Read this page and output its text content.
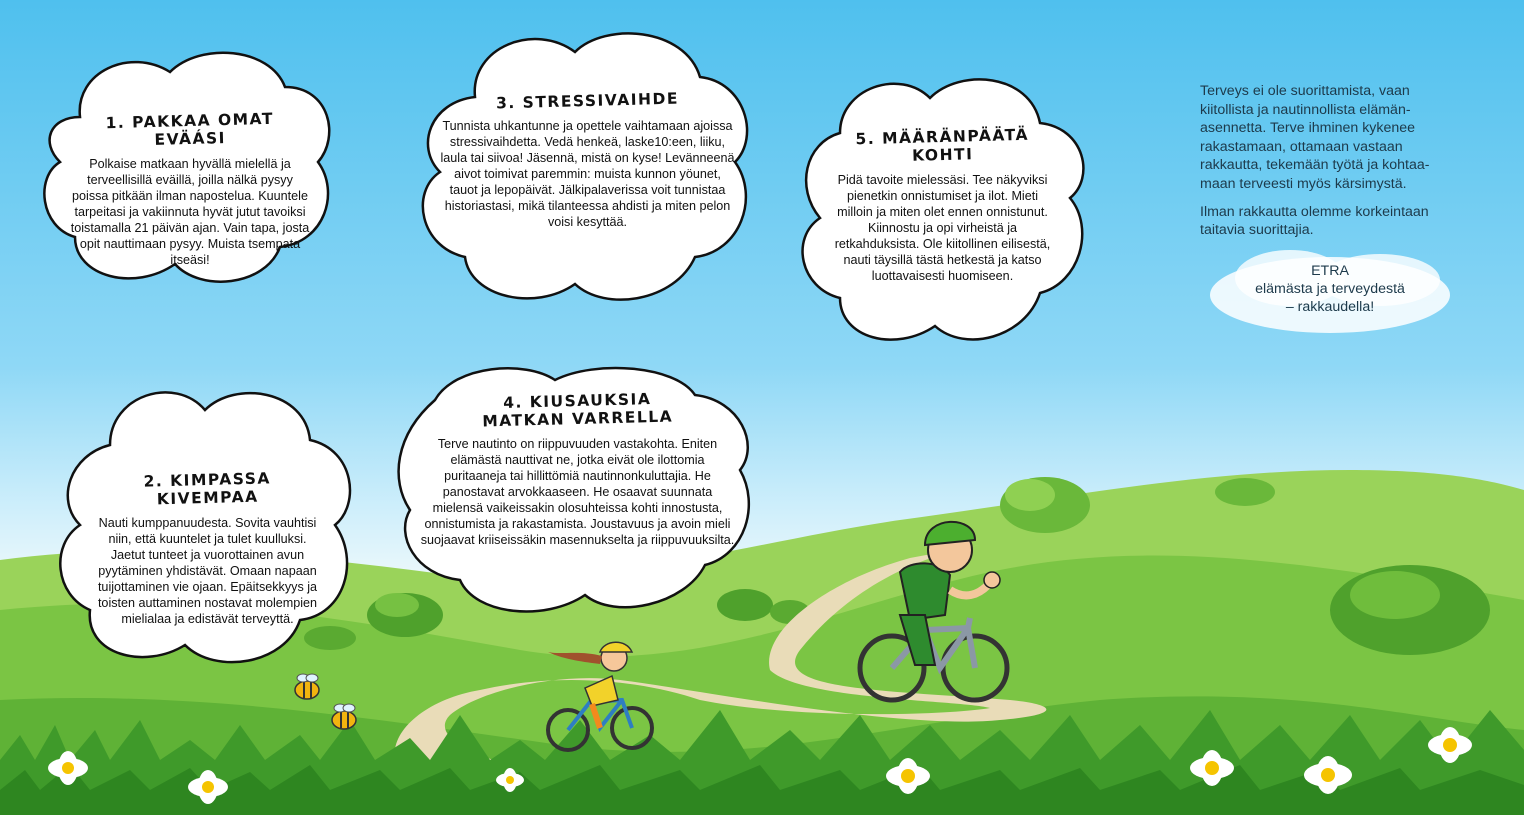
1. PAKKAA OMAT EVÄÁSI

Polkaise matkaan hyvällä mielellä ja terveellisillä eväillä, joilla nälkä pysyy poissa pitkään ilman napostelua. Kuuntele tarpeitasi ja vakiinnuta hyvät jutut tavoiksi toistamalla 21 päivän ajan. Vain tapa, josta opit nauttimaan pysyy. Muista tsempata itseäsi!

2. KIMPASSA KIVEMPAA

Nauti kumppanuudesta. Sovita vauhtisi niin, että kuuntelet ja tulet kuulluksi. Jaetut tunteet ja vuorottainen avun pyytäminen yhdistävät. Omaan napaan tuijottaminen vie ojaan. Epäitsekkyys ja toisten auttaminen nostavat molempien mielialaa ja edistävät terveyttä.

3. STRESSIVAIHDE

Tunnista uhkantunne ja opettele vaihtamaan ajoissa stressivaihdetta. Vedä henkeä, laske10:een, liiku, laula tai siivoa! Jäsennä, mistä on kyse! Levänneenä aivot toimivat paremmin: muista kunnon yöunet, tauot ja lepopäivät. Jälkipalaverissa voit tunnistaa historiastasi, mikä tilanteessa ahdisti ja miten pelon voisi kesyttää.

4. KIUSAUKSIA MATKAN VARRELLA

Terve nautinto on riippuvuuden vastakohta. Eniten elämästä nauttivat ne, jotka eivät ole ilottomia puritaaneja tai hillittömiä nautinnonkuluttajia. He panostavat arvokkaaseen. He osaavat suunnata mielensä vaikeissakin olosuhteissa kohti innostusta, onnistumista ja rakastamista. Joustavuus ja avoin mieli suojaavat kriiseissäkin masennukselta ja riippuvuuksilta.

5. MÄÄRÄNPÄÄTÄ KOHTI

Pidä tavoite mielessäsi. Tee näkyviksi pienetkin onnistumiset ja ilot. Mieti milloin ja miten olet ennen onnistunut. Kiinnostu ja opi virheistä ja retkahduksista. Ole kiitollinen eilisestä, nauti täysillä tästä hetkestä ja katso luottavaisesti huomiseen.

Terveys ei ole suorittamista, vaan kiitollista ja nautinnollista elämän-asennetta. Terve ihminen kykenee rakastamaan, ottamaan vastaan rakkautta, tekemään työtä ja kohtaa-maan terveesti myös kärsimystä.

Ilman rakkautta olemme korkeintaan taitavia suorittajia.

ETRA
elämästa ja terveydestä
– rakkaudella!
